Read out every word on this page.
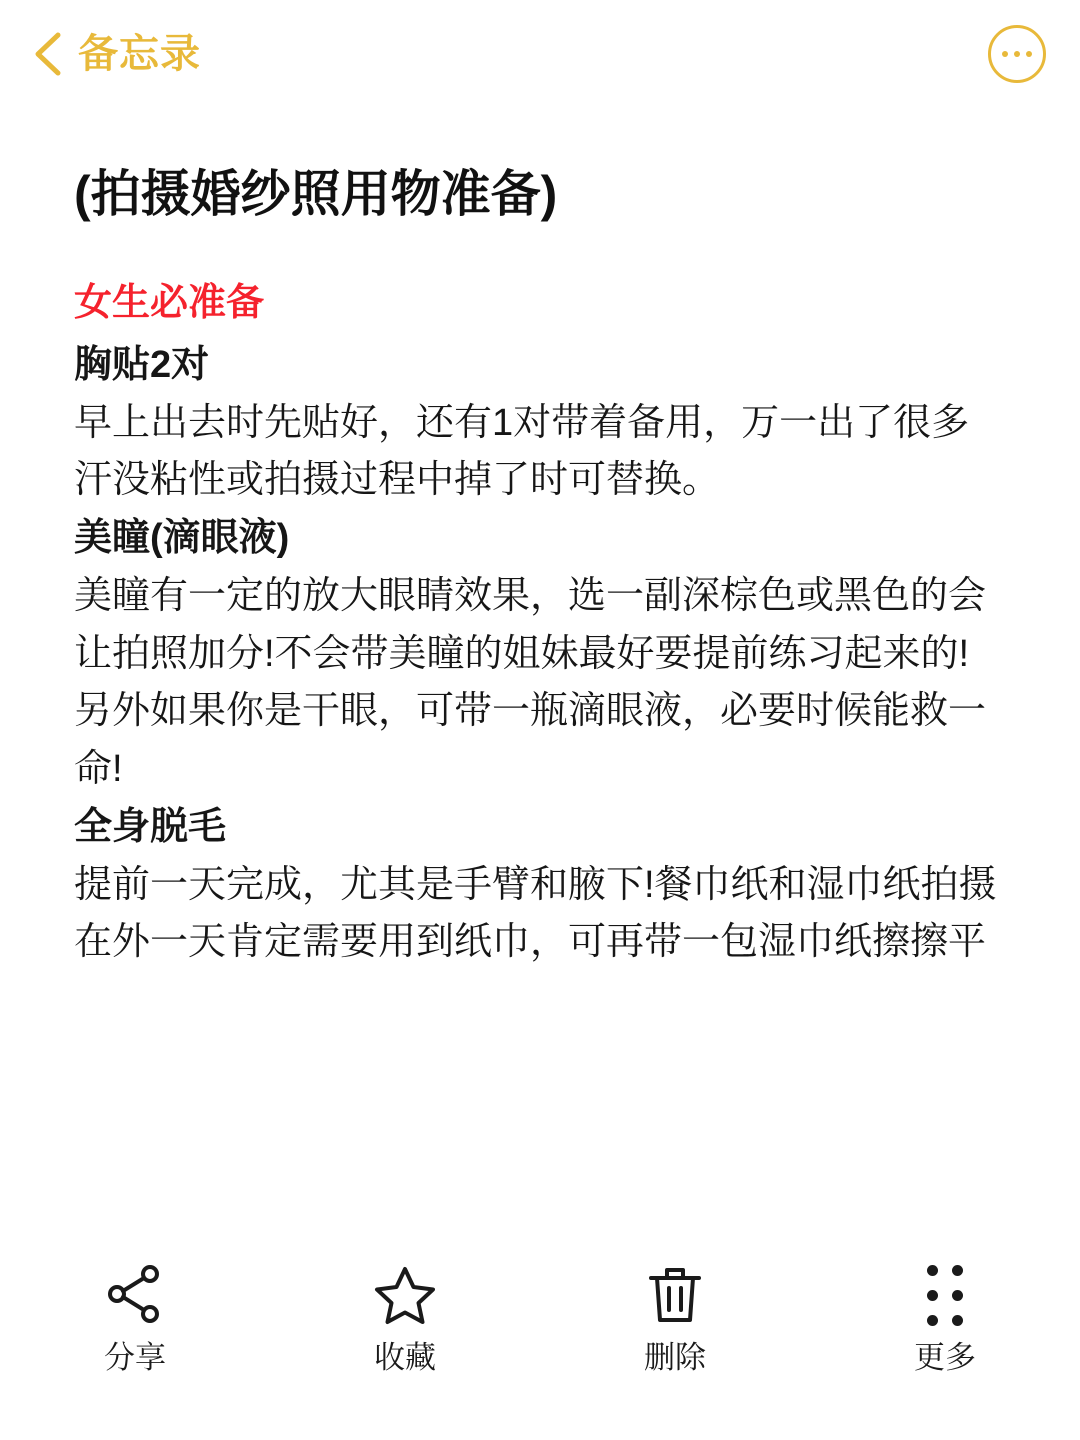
备忘录
(拍摄婚纱照用物准备)

女生必准备

胸贴2对

早上出去时先贴好，还有1对带着备用，万一出了很多汗没粘性或拍摄过程中掉了时可替换。

美瞳(滴眼液)

美瞳有一定的放大眼睛效果，选一副深棕色或黑色的会让拍照加分!不会带美瞳的姐妹最好要提前练习起来的!另外如果你是干眼，可带一瓶滴眼液，必要时候能救一命!

全身脱毛

提前一天完成，尤其是手臂和腋下!餐巾纸和湿巾纸拍摄在外一天肯定需要用到纸巾，可再带一包湿巾纸擦擦平

分享	收藏	删除	更多
